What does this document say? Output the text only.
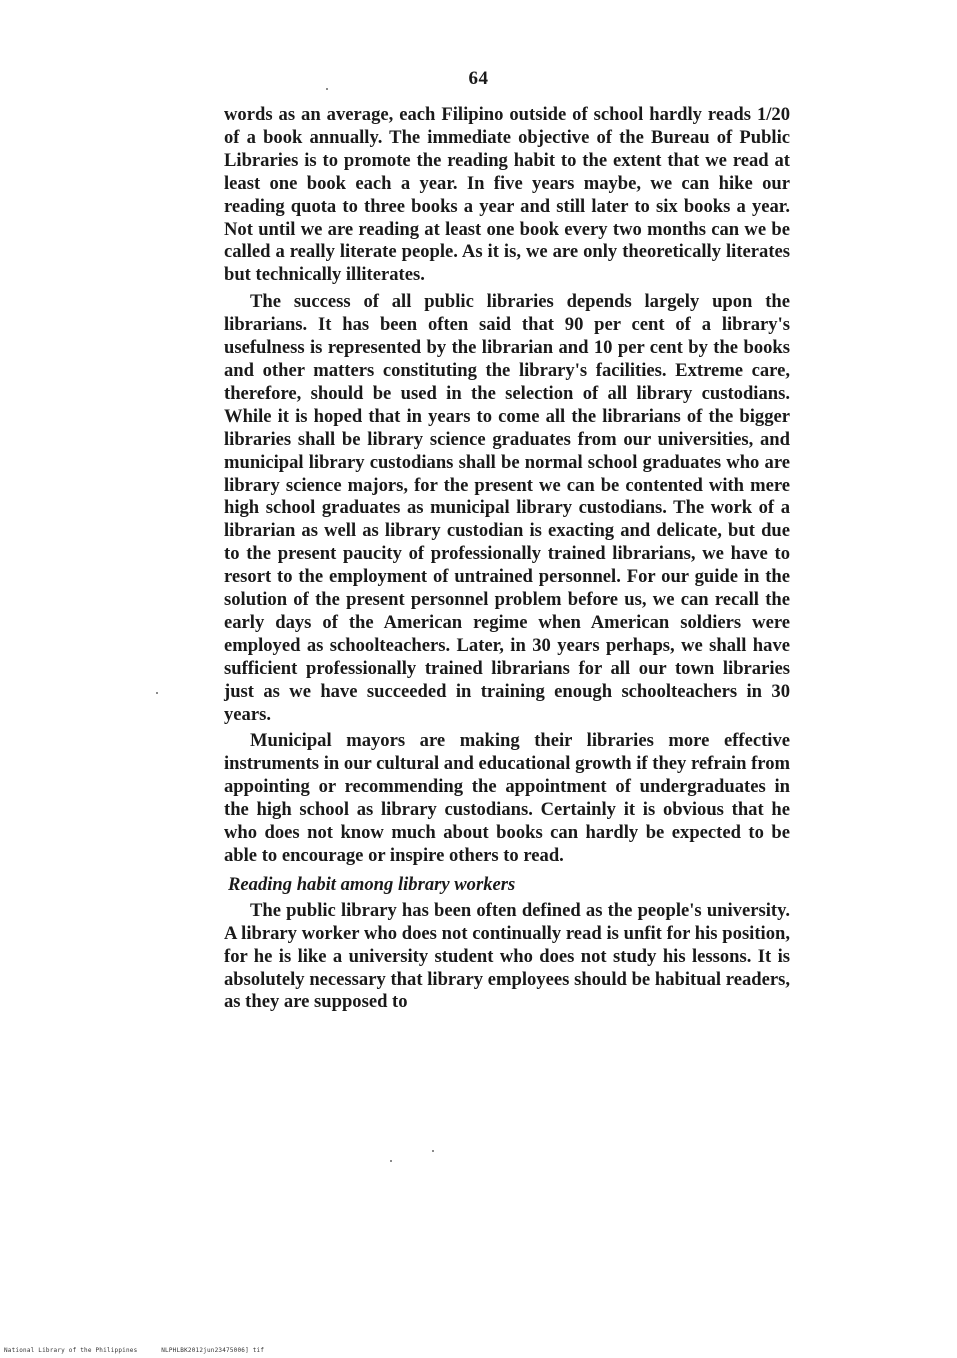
64

words as an average, each Filipino outside of school hardly reads 1/20 of a book annually. The immediate objective of the Bureau of Public Libraries is to promote the reading habit to the extent that we read at least one book each a year. In five years maybe, we can hike our reading quota to three books a year and still later to six books a year. Not until we are reading at least one book every two months can we be called a really literate people. As it is, we are only theoretically literates but technically illiterates.

The success of all public libraries depends largely upon the librarians. It has been often said that 90 per cent of a library's usefulness is represented by the librarian and 10 per cent by the books and other matters constituting the library's facilities. Extreme care, therefore, should be used in the selection of all library custodians. While it is hoped that in years to come all the librarians of the bigger libraries shall be library science graduates from our universities, and municipal library custodians shall be normal school graduates who are library science majors, for the present we can be contented with mere high school graduates as municipal library custodians. The work of a librarian as well as library custodian is exacting and delicate, but due to the present paucity of professionally trained librarians, we have to resort to the employment of untrained personnel. For our guide in the solution of the present personnel problem before us, we can recall the early days of the American regime when American soldiers were employed as schoolteachers. Later, in 30 years perhaps, we shall have sufficient professionally trained librarians for all our town libraries just as we have succeeded in training enough schoolteachers in 30 years.

Municipal mayors are making their libraries more effective instruments in our cultural and educational growth if they refrain from appointing or recommending the appointment of undergraduates in the high school as library custodians. Certainly it is obvious that he who does not know much about books can hardly be expected to be able to encourage or inspire others to read.

Reading habit among library workers

The public library has been often defined as the people's university. A library worker who does not continually read is unfit for his position, for he is like a university student who does not study his lessons. It is absolutely necessary that library employees should be habitual readers, as they are supposed to

National Library of the Philippines	NLPHLBK2012jun23475006] tif
